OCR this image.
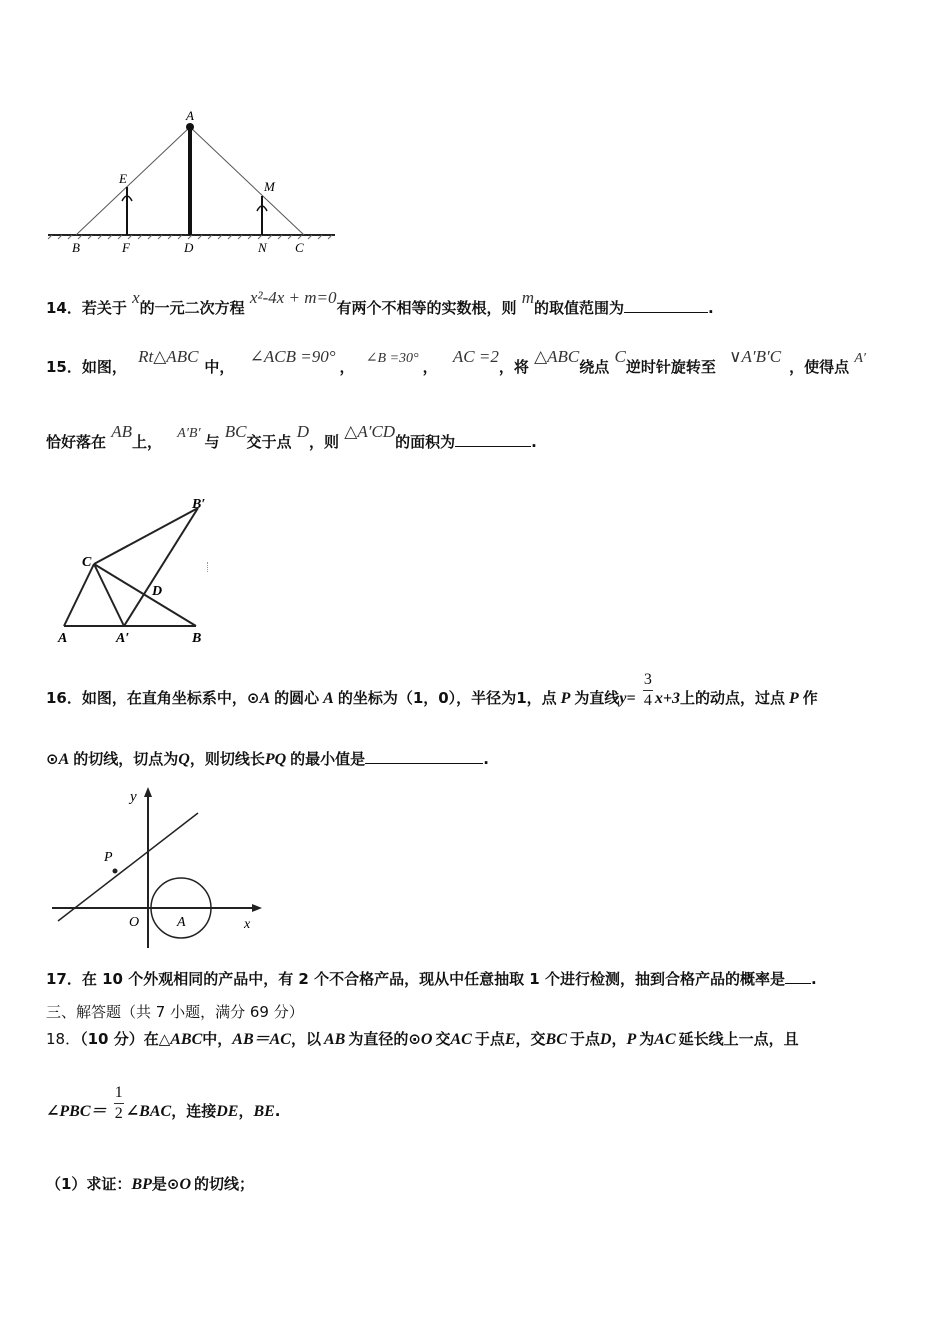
A
E
M
B	F	D	N C
14．若关于 x的一元二次方程 x²-4x + m=0有两个不相等的实数根，则 m的取值范围为	.
15．如图， Rt△ABC中， ∠ACB =90°， ∠B =30° ， AC =2，将 △ABC绕点 C逆时针旋转至 ∨A′B′C，使得点 A′
恰好落在 AB上， A′B′ 与 BC交于点 D，则 △A′CD的面积为	.
C
B′
D
A	A′	B
16．如图，在直角坐标系中，⊙A 的圆心 A 的坐标为（1，0），半径为1，点 P 为直线$y= \frac{3}{4} x+3$上的动点，过点 P 作
⊙A 的切线，切点为Q，则切线长PQ 的最小值是	.
y
P
O	A	x
17．在 10 个外观相同的产品中，有 2 个不合格产品，现从中任意抽取 1 个进行检测，抽到合格产品的概率是 .
三、解答题（共 7 小题，满分 69 分）
18．（10 分）在△ABC中，AB＝AC，以 AB 为直径的⊙O 交AC 于点E，交BC 于点D，P 为AC 延长线上一点，且
∠PBC＝ $\frac{1}{2}$ ∠BAC，连接DE，BE.
（1）求证：BP是⊙O 的切线；
